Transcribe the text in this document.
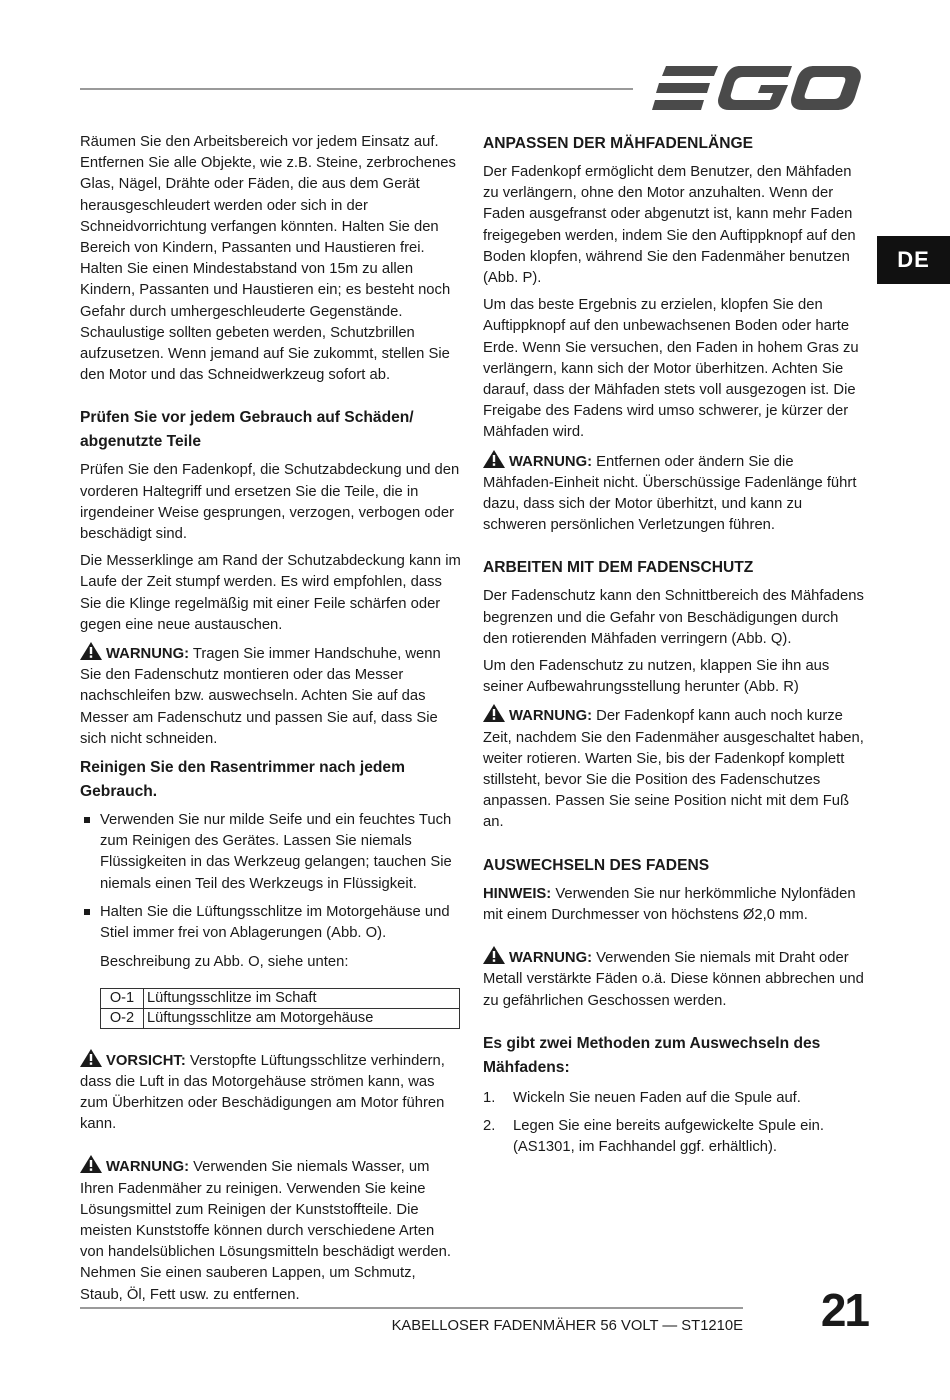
DE

Räumen Sie den Arbeitsbereich vor jedem Einsatz auf. Entfernen Sie alle Objekte, wie z.B. Steine, zerbrochenes Glas, Nägel, Drähte oder Fäden, die aus dem Gerät herausgeschleudert werden oder sich in der Schneidvorrichtung verfangen könnten. Halten Sie den Bereich von Kindern, Passanten und Haustieren frei. Halten Sie einen Mindestabstand von 15m zu allen Kindern, Passanten und Haustieren ein; es besteht noch Gefahr durch umhergeschleuderte Gegenstände. Schaulustige sollten gebeten werden, Schutzbrillen aufzusetzen. Wenn jemand auf Sie zukommt, stellen Sie den Motor und das Schneidwerkzeug sofort ab.

Prüfen Sie vor jedem Gebrauch auf Schäden/ abgenutzte Teile

Prüfen Sie den Fadenkopf, die Schutzabdeckung und den vorderen Haltegriff und ersetzen Sie die Teile, die in irgendeiner Weise gesprungen, verzogen, verbogen oder beschädigt sind.

Die Messerklinge am Rand der Schutzabdeckung kann im Laufe der Zeit stumpf werden. Es wird empfohlen, dass Sie die Klinge regelmäßig mit einer Feile schärfen oder gegen eine neue austauschen.

WARNUNG: Tragen Sie immer Handschuhe, wenn Sie den Fadenschutz montieren oder das Messer nachschleifen bzw. auswechseln. Achten Sie auf das Messer am Fadenschutz und passen Sie auf, dass Sie sich nicht schneiden.

Reinigen Sie den Rasentrimmer nach jedem Gebrauch.
Verwenden Sie nur milde Seife und ein feuchtes Tuch zum Reinigen des Gerätes. Lassen Sie niemals Flüssigkeiten in das Werkzeug gelangen; tauchen Sie niemals einen Teil des Werkzeugs in Flüssigkeit.
Halten Sie die Lüftungsschlitze im Motorgehäuse und Stiel immer frei von Ablagerungen (Abb. O).
Beschreibung zu Abb. O, siehe unten:
O-1	Lüftungsschlitze im Schaft
O-2	Lüftungsschlitze am Motorgehäuse

VORSICHT: Verstopfte Lüftungsschlitze verhindern, dass die Luft in das Motorgehäuse strömen kann, was zum Überhitzen oder Beschädigungen am Motor führen kann.

WARNUNG: Verwenden Sie niemals Wasser, um Ihren Fadenmäher zu reinigen. Verwenden Sie keine Lösungsmittel zum Reinigen der Kunststoffteile. Die meisten Kunststoffe können durch verschiedene Arten von handelsüblichen Lösungsmitteln beschädigt werden. Nehmen Sie einen sauberen Lappen, um Schmutz, Staub, Öl, Fett usw. zu entfernen.

ANPASSEN DER MÄHFADENLÄNGE

Der Fadenkopf ermöglicht dem Benutzer, den Mähfaden zu verlängern, ohne den Motor anzuhalten. Wenn der Faden ausgefranst oder abgenutzt ist, kann mehr Faden freigegeben werden, indem Sie den Auftippknopf auf den Boden klopfen, während Sie den Fadenmäher benutzen (Abb. P).

Um das beste Ergebnis zu erzielen, klopfen Sie den Auftippknopf auf den unbewachsenen Boden oder harte Erde. Wenn Sie versuchen, den Faden in hohem Gras zu verlängern, kann sich der Motor überhitzen. Achten Sie darauf, dass der Mähfaden stets voll ausgezogen ist. Die Freigabe des Fadens wird umso schwerer, je kürzer der Mähfaden wird.

WARNUNG: Entfernen oder ändern Sie die Mähfaden-Einheit nicht. Überschüssige Fadenlänge führt dazu, dass sich der Motor überhitzt, und kann zu schweren persönlichen Verletzungen führen.

ARBEITEN MIT DEM FADENSCHUTZ

Der Fadenschutz kann den Schnittbereich des Mähfadens begrenzen und die Gefahr von Beschädigungen durch den rotierenden Mähfaden verringern (Abb. Q).

Um den Fadenschutz zu nutzen, klappen Sie ihn aus seiner Aufbewahrungsstellung herunter (Abb. R)

WARNUNG: Der Fadenkopf kann auch noch kurze Zeit, nachdem Sie den Fadenmäher ausgeschaltet haben, weiter rotieren. Warten Sie, bis der Fadenkopf komplett stillsteht, bevor Sie die Position des Fadenschutzes anpassen. Passen Sie seine Position nicht mit dem Fuß an.

AUSWECHSELN DES FADENS

HINWEIS: Verwenden Sie nur herkömmliche Nylonfäden mit einem Durchmesser von höchstens Ø2,0 mm.

WARNUNG: Verwenden Sie niemals mit Draht oder Metall verstärkte Fäden o.ä. Diese können abbrechen und zu gefährlichen Geschossen werden.

Es gibt zwei Methoden zum Auswechseln des Mähfadens:
1. Wickeln Sie neuen Faden auf die Spule auf.
2. Legen Sie eine bereits aufgewickelte Spule ein. (AS1301, im Fachhandel ggf. erhältlich).
KABELLOSER FADENMÄHER 56 VOLT — ST1210E 21
